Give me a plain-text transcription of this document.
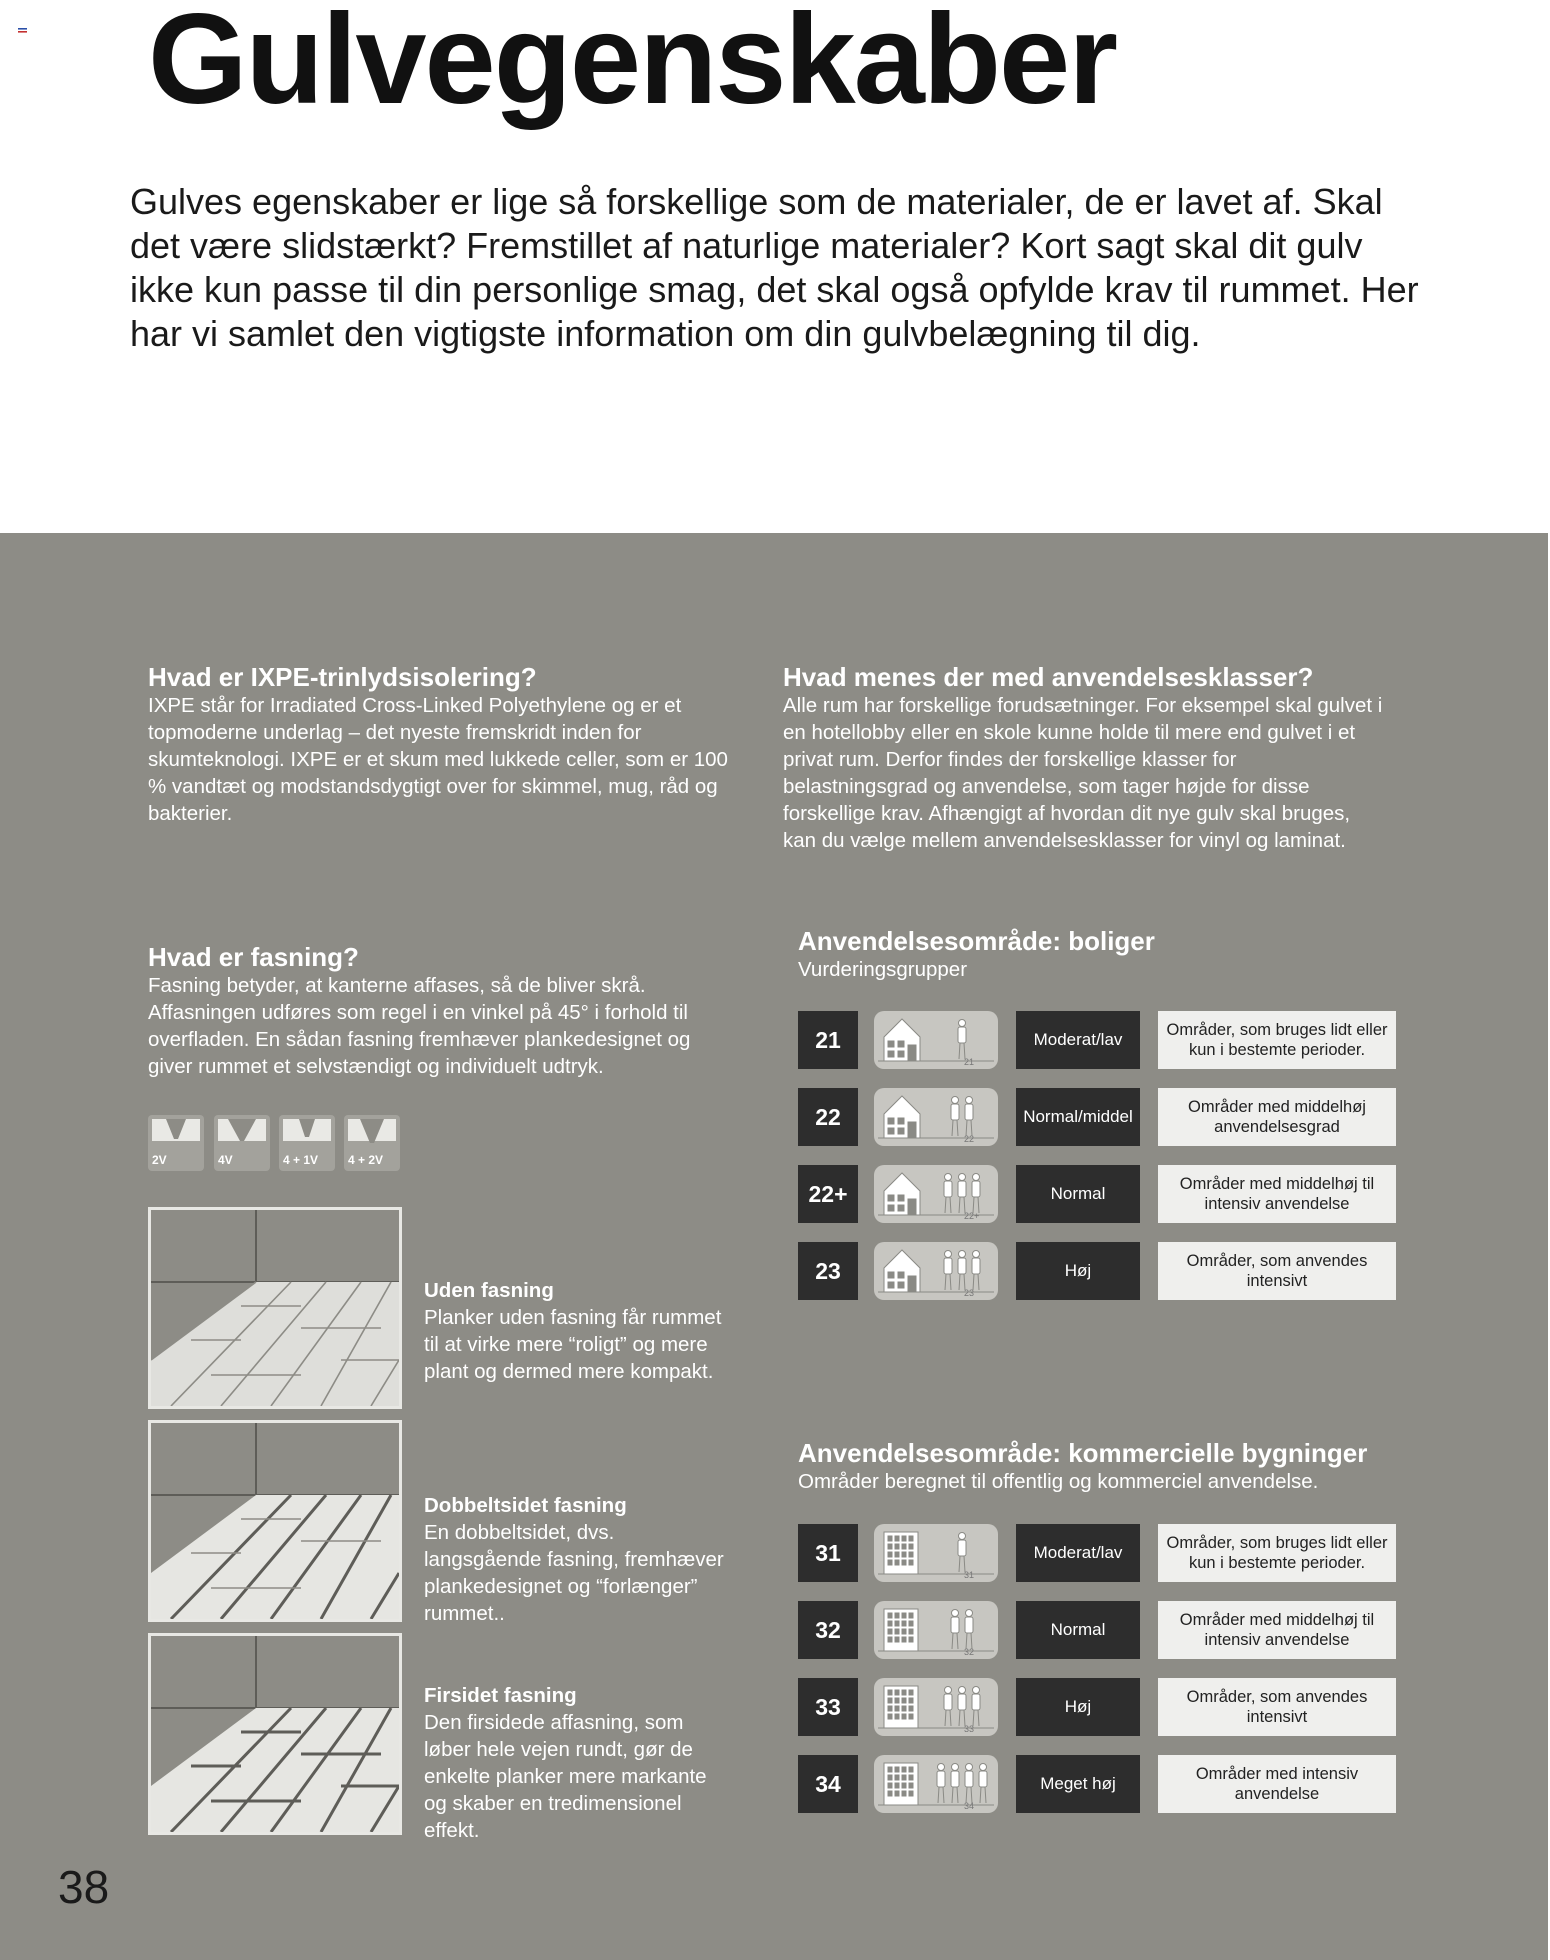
Gulvegenskaber

Gulves egenskaber er lige så forskellige som de materialer, de er lavet af. Skal det være slidstærkt? Fremstillet af naturlige materialer? Kort sagt skal dit gulv ikke kun passe til din personlige smag, det skal også opfylde krav til rummet. Her har vi samlet den vigtigste information om din gulvbelægning til dig.

Hvad er IXPE-trinlydsisolering?

IXPE står for Irradiated Cross-Linked Polyethylene og er et topmoderne underlag – det nyeste fremskridt inden for skumteknologi. IXPE er et skum med lukkede celler, som er 100 % vandtæt og modstandsdygtigt over for skimmel, mug, råd og bakterier.

Hvad menes der med anvendelsesklasser?

Alle rum har forskellige forudsætninger. For eksempel skal gulvet i en hotellobby eller en skole kunne holde til mere end gulvet i et privat rum. Derfor findes der forskellige klasser for belastningsgrad og anvendelse, som tager højde for disse forskellige krav. Afhængigt af hvordan dit nye gulv skal bruges, kan du vælge mellem anvendelsesklasser for vinyl og laminat.

Hvad er fasning?

Fasning betyder, at kanterne affases, så de bliver skrå. Affasningen udføres som regel i en vinkel på 45° i forhold til overfladen. En sådan fasning fremhæver plankedesignet og giver rummet et selvstændigt og individuelt udtryk.

2V	4V	4 + 1V 4 + 2V

Uden fasning

Planker uden fasning får rummet til at virke mere “roligt” og mere plant og dermed mere kompakt.

Dobbeltsidet fasning

En dobbeltsidet, dvs. langsgående fasning, fremhæver plankedesignet og “forlænger” rummet..

Firsidet fasning

Den firsidede affasning, som løber hele vejen rundt, gør de enkelte planker mere markante og skaber en tredimensionel effekt.

Anvendelsesområde: boliger

Vurderingsgrupper

21
21
Moderat/lav	Områder, som bruges lidt eller kun i bestemte perioder.
22
22
Normal/middel	Områder med middelhøj anvendelsesgrad
22+
22+
Normal	Områder med middelhøj til intensiv anvendelse
23
23
Høj	Områder, som anvendes intensivt

Anvendelsesområde: kommercielle bygninger

Områder beregnet til offentlig og kommerciel anvendelse.

31
31
Moderat/lav	Områder, som bruges lidt eller kun i bestemte perioder.
32
32
Normal	Områder med middelhøj til intensiv anvendelse
33
33
Høj	Områder, som anvendes intensivt
34
34
Meget høj	Områder med intensiv anvendelse
38
